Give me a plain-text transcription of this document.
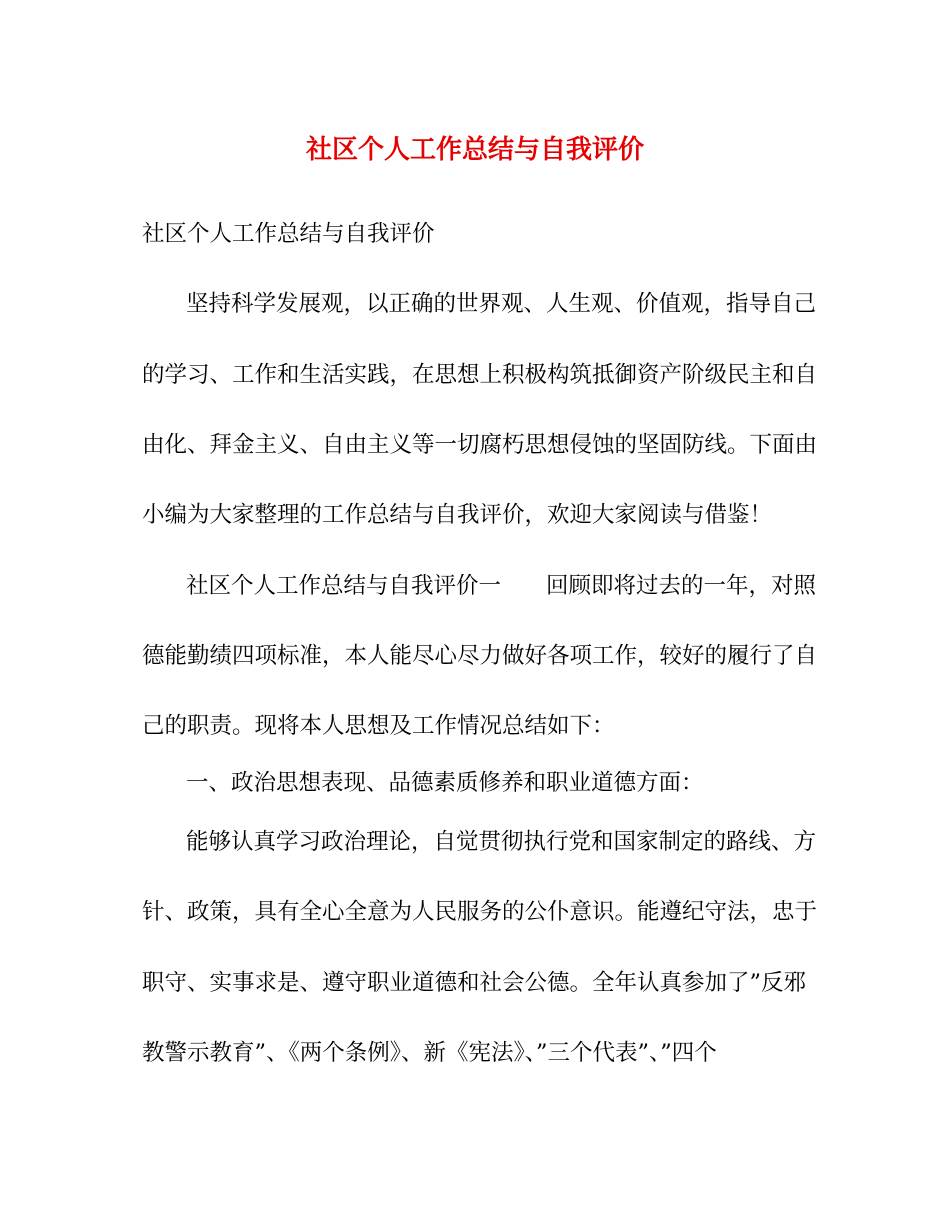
社区个人工作总结与自我评价
社区个人工作总结与自我评价
坚持科学发展观，以正确的世界观、人生观、价值观，指导自己
的学习、工作和生活实践，在思想上积极构筑抵御资产阶级民主和自
由化、拜金主义、自由主义等一切腐朽思想侵蚀的坚固防线。下面由
小编为大家整理的工作总结与自我评价，欢迎大家阅读与借鉴！
社区个人工作总结与自我评价一　　回顾即将过去的一年，对照
德能勤绩四项标准，本人能尽心尽力做好各项工作，较好的履行了自
己的职责。现将本人思想及工作情况总结如下：
一、政治思想表现、品德素质修养和职业道德方面：
能够认真学习政治理论，自觉贯彻执行党和国家制定的路线、方
针、政策，具有全心全意为人民服务的公仆意识。能遵纪守法，忠于
职守、实事求是、遵守职业道德和社会公德。全年认真参加了”反邪
教警示教育”、《两个条例》、新《宪法》、”三个代表”、”四个
